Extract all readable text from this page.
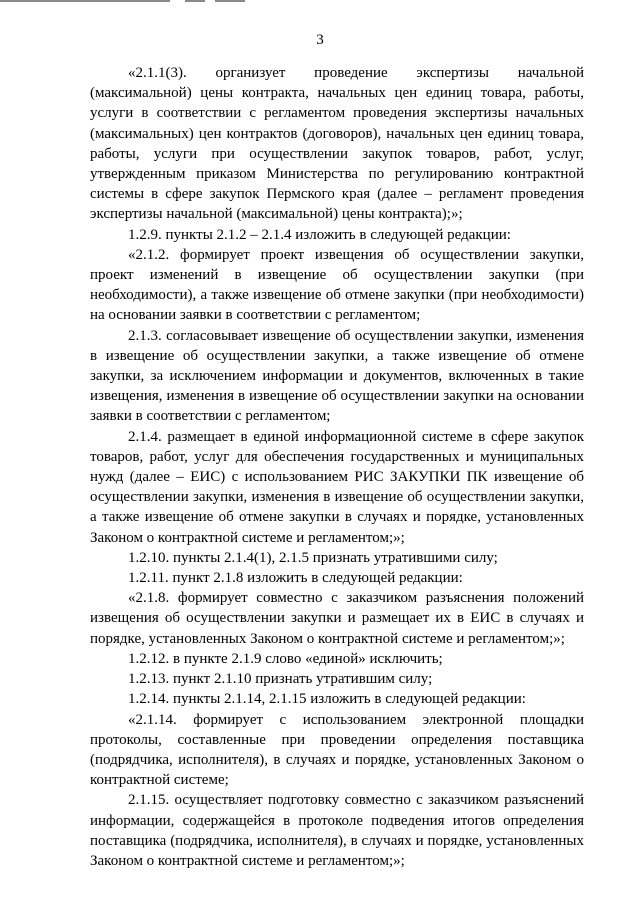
3

«2.1.1(3). организует проведение экспертизы начальной (максимальной) цены контракта, начальных цен единиц товара, работы, услуги в соответствии с регламентом проведения экспертизы начальных (максимальных) цен контрактов (договоров), начальных цен единиц товара, работы, услуги при осуществлении закупок товаров, работ, услуг, утвержденным приказом Министерства по регулированию контрактной системы в сфере закупок Пермского края (далее – регламент проведения экспертизы начальной (максимальной) цены контракта);»;

1.2.9. пункты 2.1.2 – 2.1.4 изложить в следующей редакции:

«2.1.2. формирует проект извещения об осуществлении закупки, проект изменений в извещение об осуществлении закупки (при необходимости), а также извещение об отмене закупки (при необходимости) на основании заявки в соответствии с регламентом;

2.1.3. согласовывает извещение об осуществлении закупки, изменения в извещение об осуществлении закупки, а также извещение об отмене закупки, за исключением информации и документов, включенных в такие извещения, изменения в извещение об осуществлении закупки на основании заявки в соответствии с регламентом;

2.1.4. размещает в единой информационной системе в сфере закупок товаров, работ, услуг для обеспечения государственных и муниципальных нужд (далее – ЕИС) с использованием РИС ЗАКУПКИ ПК извещение об осуществлении закупки, изменения в извещение об осуществлении закупки, а также извещение об отмене закупки в случаях и порядке, установленных Законом о контрактной системе и регламентом;»;

1.2.10. пункты 2.1.4(1), 2.1.5 признать утратившими силу;

1.2.11. пункт 2.1.8 изложить в следующей редакции:

«2.1.8. формирует совместно с заказчиком разъяснения положений извещения об осуществлении закупки и размещает их в ЕИС в случаях и порядке, установленных Законом о контрактной системе и регламентом;»;

1.2.12. в пункте 2.1.9 слово «единой» исключить;

1.2.13. пункт 2.1.10 признать утратившим силу;

1.2.14. пункты 2.1.14, 2.1.15 изложить в следующей редакции:

«2.1.14. формирует с использованием электронной площадки протоколы, составленные при проведении определения поставщика (подрядчика, исполнителя), в случаях и порядке, установленных Законом о контрактной системе;

2.1.15. осуществляет подготовку совместно с заказчиком разъяснений информации, содержащейся в протоколе подведения итогов определения поставщика (подрядчика, исполнителя), в случаях и порядке, установленных Законом о контрактной системе и регламентом;»;
